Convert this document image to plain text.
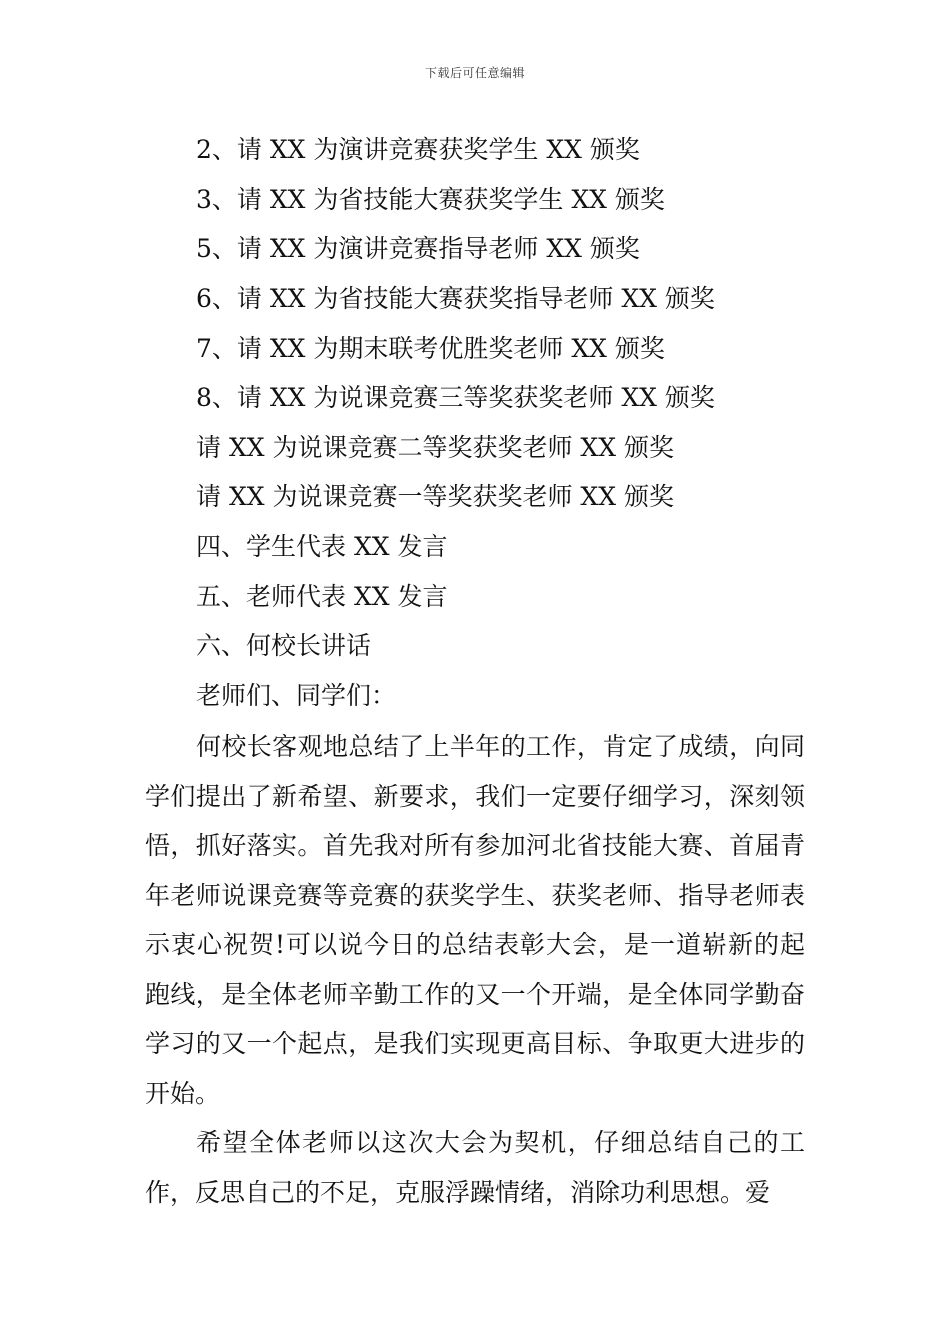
下载后可任意编辑
2、请 XX 为演讲竞赛获奖学生 XX 颁奖
3、请 XX 为省技能大赛获奖学生 XX 颁奖
5、请 XX 为演讲竞赛指导老师 XX 颁奖
6、请 XX 为省技能大赛获奖指导老师 XX 颁奖
7、请 XX 为期末联考优胜奖老师 XX 颁奖
8、请 XX 为说课竞赛三等奖获奖老师 XX 颁奖
请 XX 为说课竞赛二等奖获奖老师 XX 颁奖
请 XX 为说课竞赛一等奖获奖老师 XX 颁奖
四、学生代表 XX 发言
五、老师代表 XX 发言
六、何校长讲话
老师们、同学们：

何校长客观地总结了上半年的工作，肯定了成绩，向同学们提出了新希望、新要求，我们一定要仔细学习，深刻领悟，抓好落实。首先我对所有参加河北省技能大赛、首届青年老师说课竞赛等竞赛的获奖学生、获奖老师、指导老师表示衷心祝贺!可以说今日的总结表彰大会，是一道崭新的起跑线，是全体老师辛勤工作的又一个开端，是全体同学勤奋学习的又一个起点，是我们实现更高目标、争取更大进步的开始。

希望全体老师以这次大会为契机，仔细总结自己的工作，反思自己的不足，克服浮躁情绪，消除功利思想。爱
